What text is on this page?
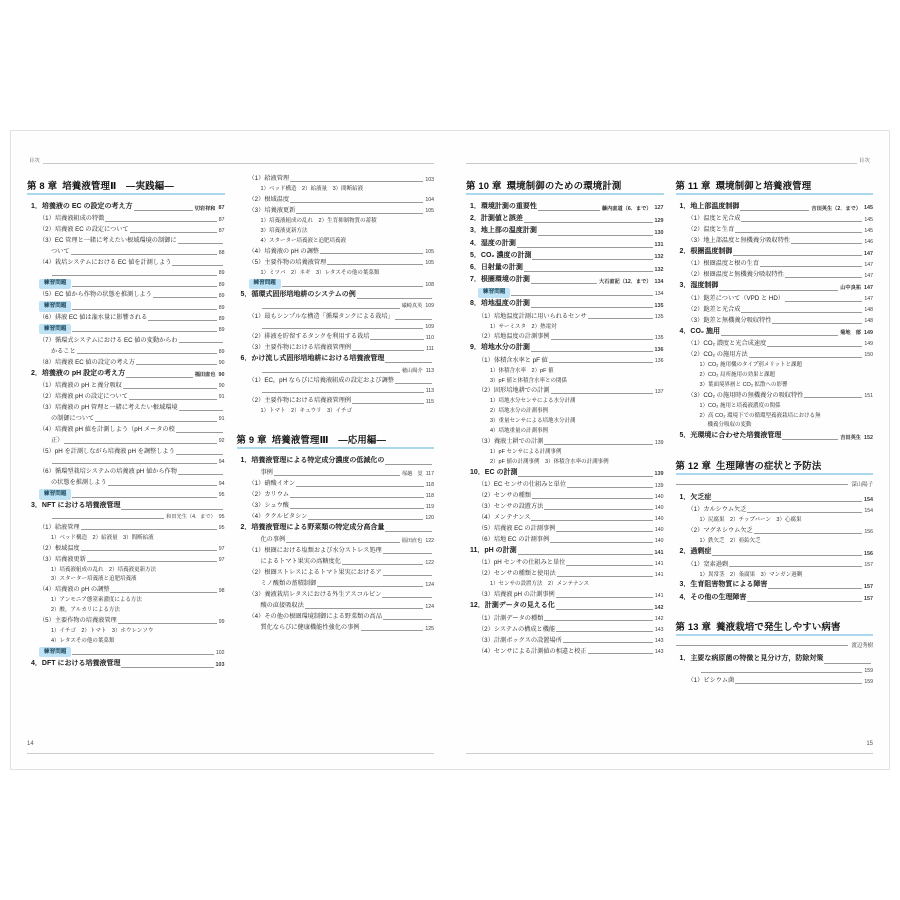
目次
第 8 章 培養液管理Ⅱ　―実践編―
1．培養液の EC の設定の考え方	切岩祥和 87
（1）培養液組成の特徴	87
（2）培養液 EC の設定について	87
（3）EC 管理と一緒に考えたい根域環境の制御に
ついて	88
（4）栽培システムにおける EC 値を計測しよう
89
練習問題	89
（5）EC 値から作物の状態を推測しよう	89
練習問題	89
（6）排液 EC 値は潅水量に影響される	89
練習問題	89
（7）循環式システムにおける EC 値の変動からわ
かること	89
（8）培養液 EC 値の設定の考え方	90
2．培養液の pH 設定の考え方	福田直也 90
（1）培養液の pH と養分吸収	90
（2）培養液 pH の設定について	91
（3）培養液の pH 管理と一緒に考えたい根域環境
の制御について	91
（4）培養液 pH 値を計測しよう（pH メータの校
正）	92
（5）pH を計測しながら培養液 pH を調整しよう
94
（6）循環型栽培システムの培養液 pH 値から作物
の状態を推測しよう	94
練習問題	95
3．NFT における培養液管理
和田光生（4．まで） 95
（1）給液管理	95
1）ベッド構造　2）給液量　3）間断給液
（2）根域温度	97
（3）培養液更新	97
1）培養液組成の乱れ　2）培養液更新方法
3）スターター培養液と追肥培養液
（4）培養液の pH の調整	98
1）アンモニア態窒素濃度による方法
2）酸，アルカリによる方法
（5）主要作物の培養液管理	99
1）イチゴ　2）トマト　3）ホウレンソウ
4）レタスその他の葉菜類
練習問題	102
4．DFT における培養液管理	103
（1）給液管理	103
1）ベッド構造　2）給液量　3）間断給液
（2）根域温度	104
（3）培養液更新	105
1）培養液組成の乱れ　2）生育抑制物質の蓄積
3）培養液更新方法
4）スターター培養液と追肥培養液
（4）培養液の pH の調整	105
（5）主要作物の培養液管理	105
1）ミツバ　2）ネギ　3）レタスその他の葉菜類
練習問題	108
5．循環式固形培地耕のシステムの例
礒崎真英 109
（1）最もシンプルな構造「循環タンクによる栽培」
109
（2）排液を貯留するタンクを利用する栽培	110
（3）主要作物における培養液管理例	111
6．かけ流し式固形培地耕における培養液管理
穂山陽介 113
（1）EC，pH ならびに培養液組成の設定および調整
113
（2）主要作物における培養液管理例	115
1）トマト　2）キュウリ　3）イチゴ
第 9 章 培養液管理Ⅲ　―応用編―
1．培養液管理による特定成分濃度の低減化の
事例	塚越　覚 117
（1）硝酸イオン	118
（2）カリウム	118
（3）シュウ酸	119
（4）ククルビタシン	120
2．培養液管理による野菜類の特定成分高含量
化の事例	福田直也 122
（1）根圏における塩類および水分ストレス処理
によるトマト果実の高糖度化	122
（2）根圏ストレスによるトマト果実におけるア
ミノ酸類の蓄積制御	124
（3）養液栽培レタスにおける外生アスコルビン
酸の直接吸収法	124
（4）その他の根圏環境制御による野菜類の高品
質化ならびに健康機能性強化の事例	125
14
目次
第 10 章 環境制御のための環境計測
1．環境計測の重要性	藤内直道（6．まで） 127
2．計測値と誤差	129
3．地上部の温度計測	130
4．湿度の計測	131
5．CO₂ 濃度の計測	132
6．日射量の計測	132
7．根圏環境の計測	大石直記（12．まで） 134
練習問題	134
8．培地温度の計測	135
（1）培地温度計測に用いられるセンサ	135
1）サーミスタ　2）熱電対
（2）培地温度の計測事例	135
9．培地水分の計測	136
（1）体積含水率と pF 値	136
1）体積含水率　2）pF 値
3）pF 値と体積含水率との関係
（2）固形培地耕での計測	137
1）培地水分センサによる水分計測
2）培地水分の計測事例
3）重量センサによる培地水分計測
4）培地重量の計測事例
（3）養液土耕での計測	139
1）pF センサによる計測事例
2）pF 値の計測事例　3）体積含水率の計測事例
10．EC の計測	139
（1）EC センサの仕組みと単位	139
（2）センサの種類	140
（3）センサの設置方法	140
（4）メンテナンス	140
（5）培養液 EC の計測事例	140
（6）培地 EC の計測事例	140
11．pH の計測	141
（1）pH センサの仕組みと単位	141
（2）センサの種類と使用法	141
1）センサの設置方法　2）メンテナンス
（3）培養液 pH の計測事例	141
12．計測データの見える化	142
（1）計測データの種類	142
（2）システムの構成と機能	143
（3）計測ボックスの設置場所	143
（4）センサによる計測値の相違と校正	143
第 11 章 環境制御と培養液管理
1．地上部温度制御	吉田英生（2．まで） 145
（1）温度と光合成	145
（2）温度と生育	145
（3）地上部温度と無機養分吸収特性	146
2．根圏温度制御	147
（1）根圏温度と根の生育	147
（2）根圏温度と無機養分吸収特性	147
3．湿度制御	山中良祐 147
（1）飽差について（VPD と HD）	147
（2）飽差と光合成	148
（3）飽差と無機養分吸収特性	148
4．CO₂ 施用	菊地　郁 149
（1）CO₂ 濃度と光合成速度	149
（2）CO₂ の施用方法	150
1）CO₂ 施用機のタイプ別メリットと課題
2）CO₂ 局所施用の効果と課題
3）葉面境界層と CO₂ 拡散への影響
（3）CO₂ の施用時の無機養分の吸収特性	151
1）CO₂ 施用と培養液濃度の関係
2）高 CO₂ 環境下での循環型養液栽培における無
機養分吸収の変動
5．光環境に合わせた培養液管理	吉田英生 152
第 12 章 生理障害の症状と予防法
深山陽子
1．欠乏症	154
（1）カルシウム欠乏	154
1）尻腐果　2）チップバーン　3）心腐果
（2）マグネシウム欠乏	156
1）鉄欠乏　2）亜鉛欠乏
2．過剰症	156
（1）窒素過剰	157
1）異常茎　2）条腐果　3）マンガン過剰
3．生育阻害物質による障害	157
4．その他の生理障害	157
第 13 章 養液栽培で発生しやすい病害
渡辺秀樹
1．主要な病原菌の特徴と見分け方，防除対策
159
（1）ピシウム菌	159
15
